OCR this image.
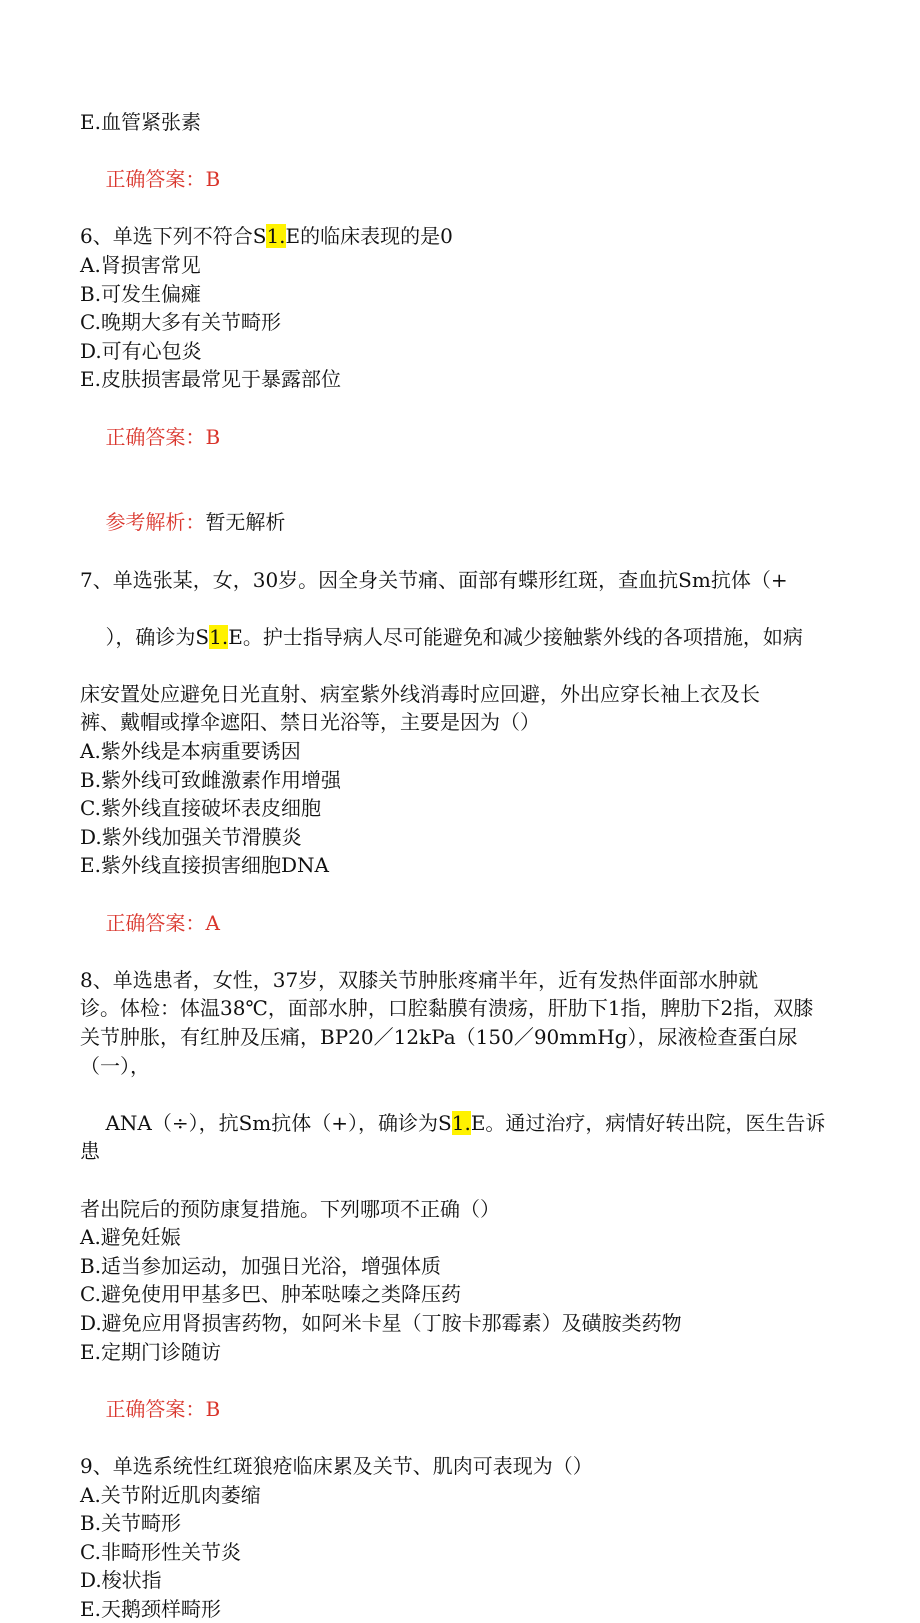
E.血管紧张素

正确答案：B

6、单选下列不符合S1.E的临床表现的是0

A.肾损害常见

B.可发生偏瘫

C.晚期大多有关节畸形

D.可有心包炎

E.皮肤损害最常见于暴露部位

正确答案：B

参考解析：暂无解析

7、单选张某，女，30岁。因全身关节痛、面部有蝶形红斑，查血抗Sm抗体（+

），确诊为S1.E。护士指导病人尽可能避免和减少接触紫外线的各项措施，如病

床安置处应避免日光直射、病室紫外线消毒时应回避，外出应穿长袖上衣及长

裤、戴帽或撑伞遮阳、禁日光浴等，主要是因为（）

A.紫外线是本病重要诱因

B.紫外线可致雌激素作用增强

C.紫外线直接破坏表皮细胞

D.紫外线加强关节滑膜炎

E.紫外线直接损害细胞DNA

正确答案：A

8、单选患者，女性，37岁，双膝关节肿胀疼痛半年，近有发热伴面部水肿就

诊。体检：体温38℃，面部水肿，口腔黏膜有溃疡，肝肋下1指，脾肋下2指，双膝

关节肿胀，有红肿及压痛，BP20／12kPa（150／90mmHg），尿液检查蛋白尿（一），

ANA（÷），抗Sm抗体（+），确诊为S1.E。通过治疗，病情好转出院，医生告诉患

者出院后的预防康复措施。下列哪项不正确（）

A.避免妊娠

B.适当参加运动，加强日光浴，增强体质

C.避免使用甲基多巴、肿苯哒嗪之类降压药

D.避免应用肾损害药物，如阿米卡星（丁胺卡那霉素）及磺胺类药物

E.定期门诊随访

正确答案：B

9、单选系统性红斑狼疮临床累及关节、肌肉可表现为（）

A.关节附近肌肉萎缩

B.关节畸形

C.非畸形性关节炎

D.梭状指

E.天鹅颈样畸形
